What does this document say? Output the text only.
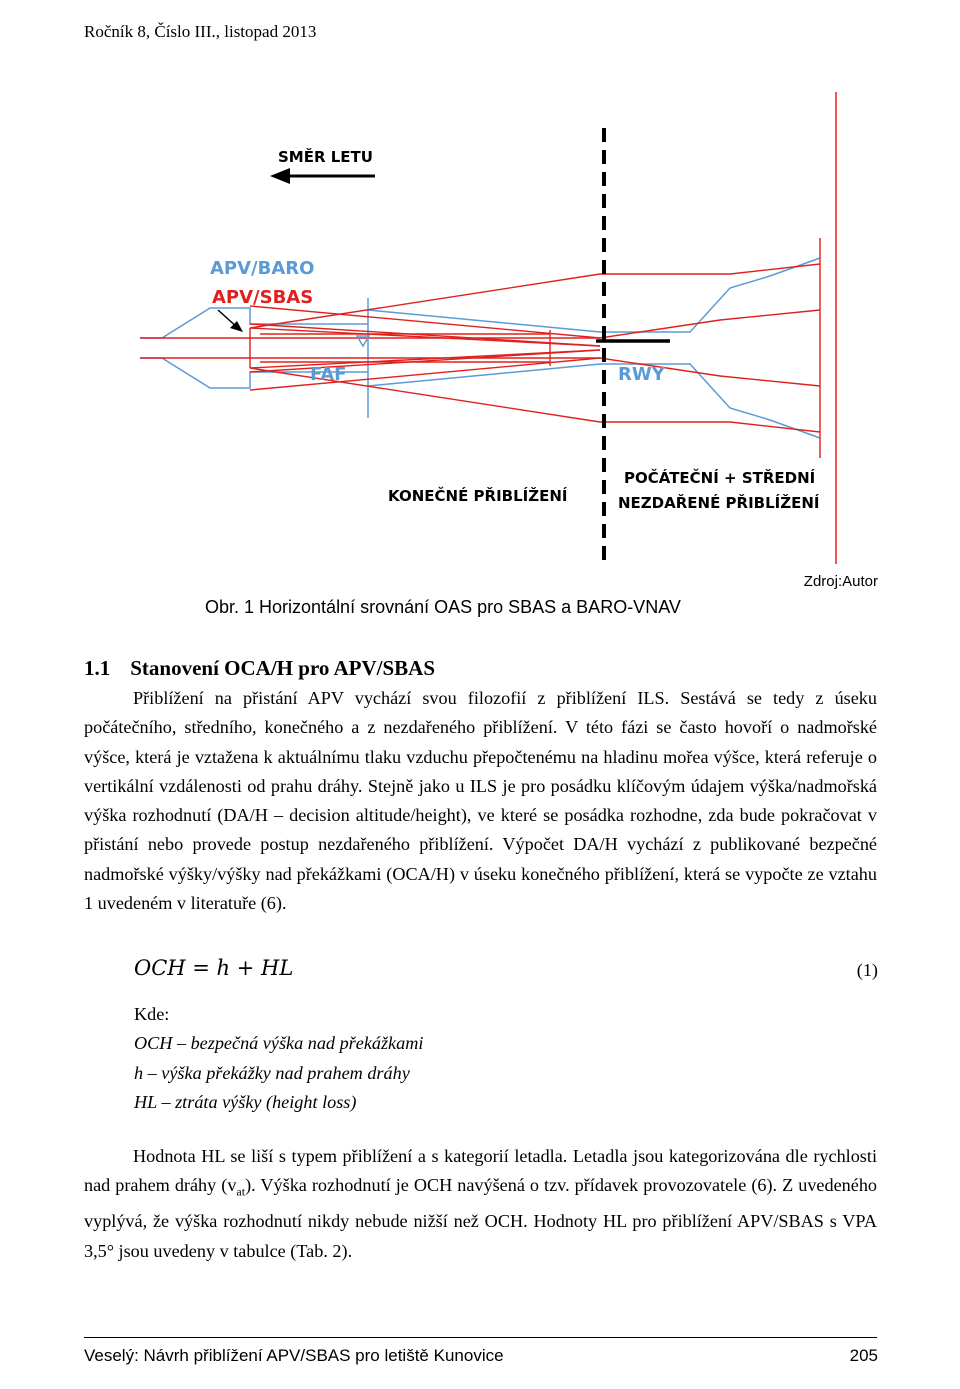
Ročník 8, Číslo III., listopad 2013
SMĚR LETU
APV/BARO
APV/SBAS
FAF	RWY
KONEČNÉ PŘIBLÍŽENÍ
POČÁTEČNÍ + STŘEDNÍ
NEZDAŘENÉ PŘIBLÍŽENÍ
Zdroj:Autor
Obr. 1 Horizontální srovnání OAS pro SBAS a BARO-VNAV
1.1 Stanovení OCA/H pro APV/SBAS

Přiblížení na přistání APV vychází svou filozofií z přiblížení ILS. Sestává se tedy z úseku počátečního, středního, konečného a z nezdařeného přiblížení. V této fázi se často hovoří o nadmořské výšce, která je vztažena k aktuálnímu tlaku vzduchu přepočtenému na hladinu mořea výšce, která referuje o vertikální vzdálenosti od prahu dráhy. Stejně jako u ILS je pro posádku klíčovým údajem výška/nadmořská výška rozhodnutí (DA/H – decision altitude/height), ve které se posádka rozhodne, zda bude pokračovat v přistání nebo provede postup nezdařeného přiblížení. Výpočet DA/H vychází z publikované bezpečné nadmořské výšky/výšky nad překážkami (OCA/H) v úseku konečného přiblížení, která se vypočte ze vztahu 1 uvedeném v literatuře (6).

OCH = h + HL	(1)
Kde:
OCH – bezpečná výška nad překážkami
h – výška překážky nad prahem dráhy
HL – ztráta výšky (height loss)

Hodnota HL se liší s typem přiblížení a s kategorií letadla. Letadla jsou kategorizována dle rychlosti nad prahem dráhy $(v_{at})$. Výška rozhodnutí je OCH navýšená o tzv. přídavek provozovatele (6). Z uvedeného vyplývá, že výška rozhodnutí nikdy nebude nižší než OCH. Hodnoty HL pro přiblížení APV/SBAS s VPA 3,5° jsou uvedeny v tabulce (Tab. 2).

Veselý: Návrh přiblížení APV/SBAS pro letiště Kunovice	205
